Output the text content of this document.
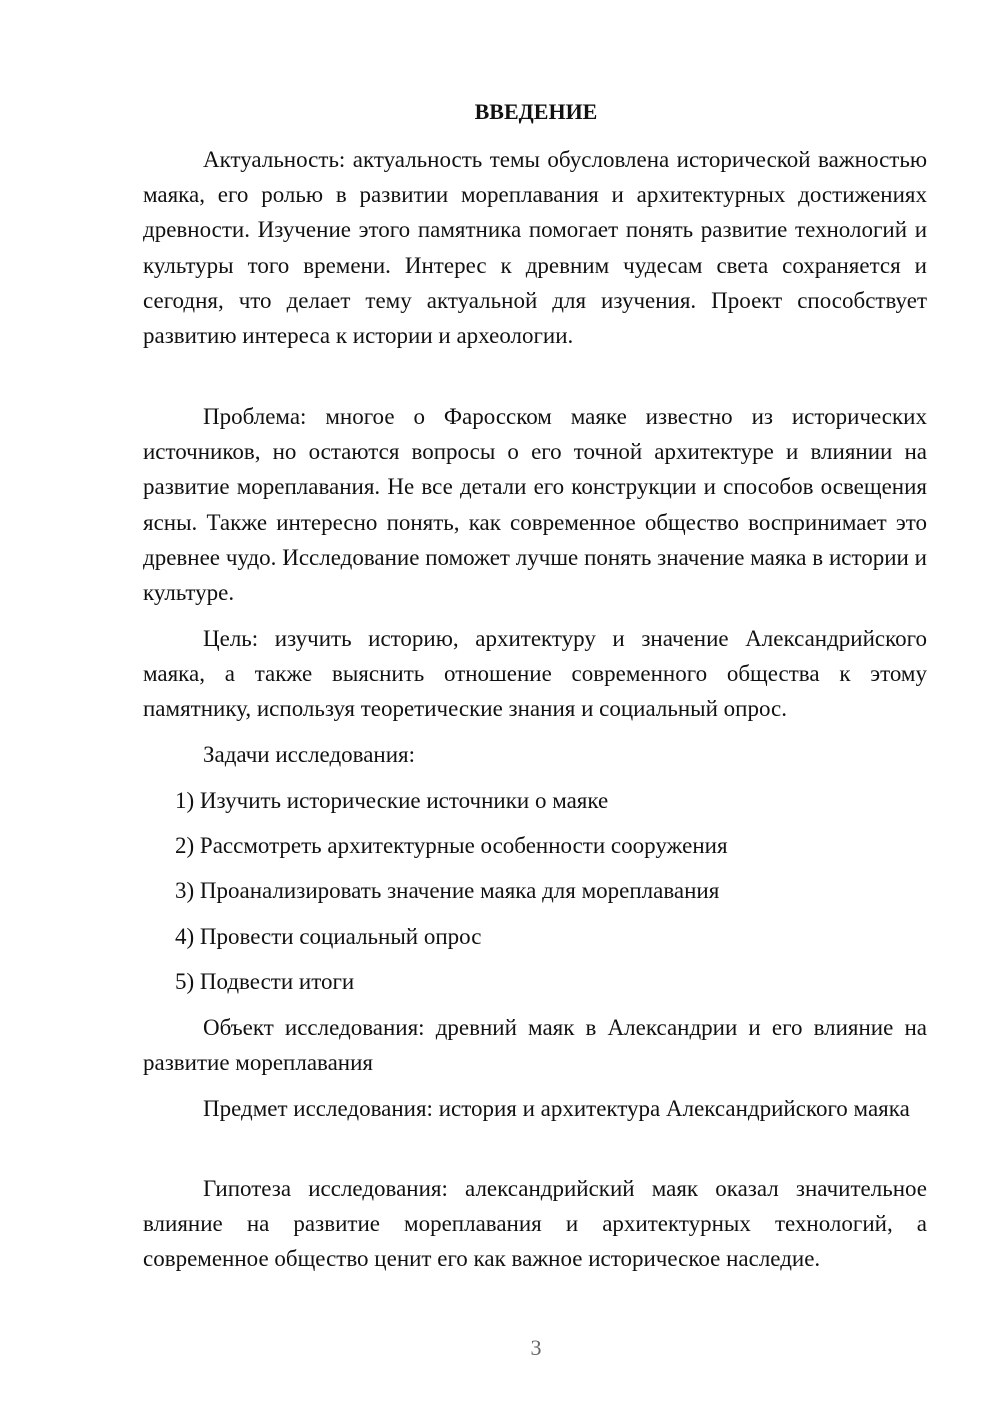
ВВЕДЕНИЕ

Актуальность: актуальность темы обусловлена исторической важностью маяка, его ролью в развитии мореплавания и архитектурных достижениях древности. Изучение этого памятника помогает понять развитие технологий и культуры того времени. Интерес к древним чудесам света сохраняется и сегодня, что делает тему актуальной для изучения. Проект способствует развитию интереса к истории и археологии.

Проблема: многое о Фаросском маяке известно из исторических источников, но остаются вопросы о его точной архитектуре и влиянии на развитие мореплавания. Не все детали его конструкции и способов освещения ясны. Также интересно понять, как современное общество воспринимает это древнее чудо. Исследование поможет лучше понять значение маяка в истории и культуре.

Цель: изучить историю, архитектуру и значение Александрийского маяка, а также выяснить отношение современного общества к этому памятнику, используя теоретические знания и социальный опрос.

Задачи исследования:

1) Изучить исторические источники о маяке

2) Рассмотреть архитектурные особенности сооружения

3) Проанализировать значение маяка для мореплавания

4) Провести социальный опрос

5) Подвести итоги

Объект исследования: древний маяк в Александрии и его влияние на развитие мореплавания

Предмет исследования: история и архитектура Александрийского маяка

Гипотеза исследования: александрийский маяк оказал значительное влияние на развитие мореплавания и архитектурных технологий, а современное общество ценит его как важное историческое наследие.

3
